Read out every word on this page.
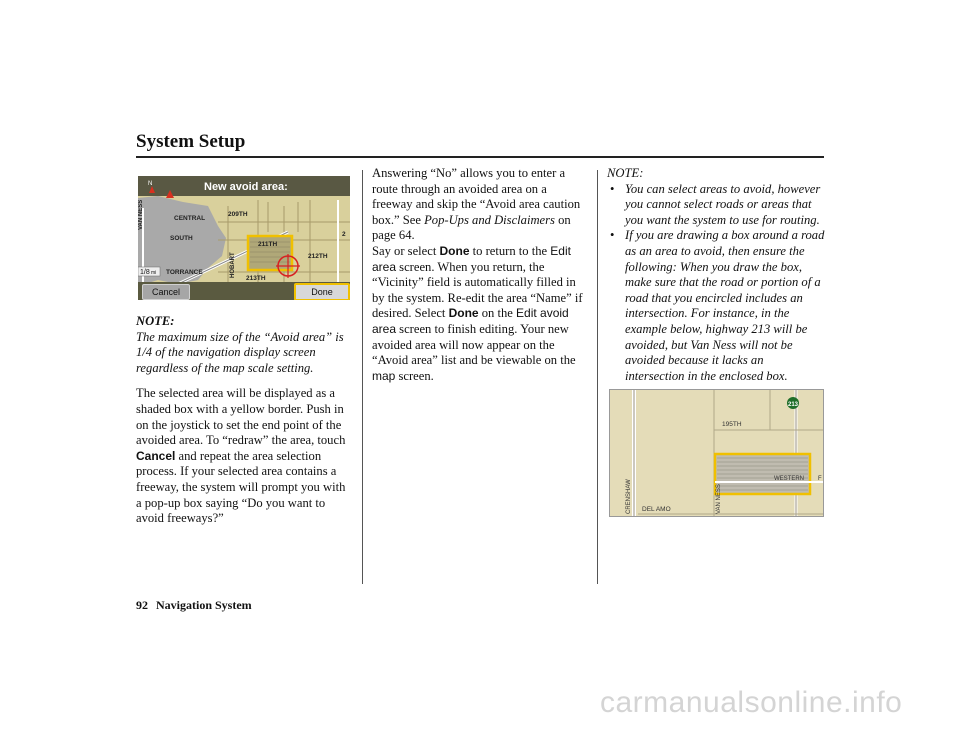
System Setup
New avoid area:
N
CENTRAL
SOUTH
TORRANCE
209TH
211TH
212TH
213TH
HOBART
VAN NESS
2
1/8 mi
Cancel	Done

NOTE:

The maximum size of the “Avoid area” is 1/4 of the navigation display screen regardless of the map scale setting.

The selected area will be displayed as a shaded box with a yellow border. Push in on the joystick to set the end point of the avoided area. To “redraw” the area, touch Cancel and repeat the area selection process. If your selected area contains a freeway, the system will prompt you with a pop-up box saying “Do you want to avoid freeways?”

Answering “No” allows you to enter a route through an avoided area on a freeway and skip the “Avoid area caution box.” See Pop-Ups and Disclaimers on page 64.

Say or select Done to return to the Edit area screen. When you return, the “Vicinity” field is automatically filled in by the system. Re-edit the area “Name” if desired. Select Done on the Edit avoid area screen to finish editing. Your new avoided area will now appear on the “Avoid area” list and be viewable on the map screen.

NOTE:

• You can select areas to avoid, however you cannot select roads or areas that you want the system to use for routing.
• If you are drawing a box around a road as an area to avoid, then ensure the following: When you draw the box, make sure that the road or portion of a road that you encircled includes an intersection. For instance, in the example below, highway 213 will be avoided, but Van Ness will not be avoided because it lacks an intersection in the enclosed box.
195TH
213
WESTERN F
CRENSHAW	VAN NESS
DEL AMO
92 Navigation System
carmanualsonline.info
